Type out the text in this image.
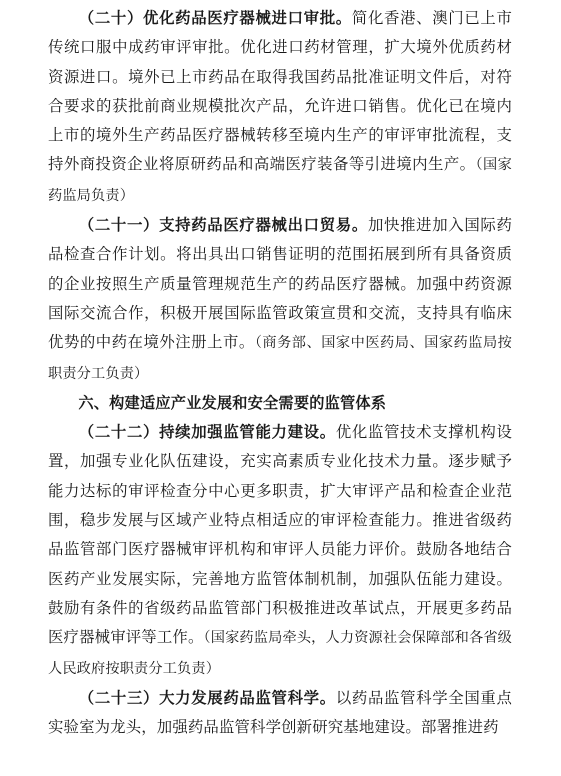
（二十）优化药品医疗器械进口审批。简化香港、澳门已上市传统口服中成药审评审批。优化进口药材管理，扩大境外优质药材资源进口。境外已上市药品在取得我国药品批准证明文件后，对符合要求的获批前商业规模批次产品，允许进口销售。优化已在境内上市的境外生产药品医疗器械转移至境内生产的审评审批流程，支持外商投资企业将原研药品和高端医疗装备等引进境内生产。（国家药监局负责）

（二十一）支持药品医疗器械出口贸易。加快推进加入国际药品检查合作计划。将出具出口销售证明的范围拓展到所有具备资质的企业按照生产质量管理规范生产的药品医疗器械。加强中药资源国际交流合作，积极开展国际监管政策宣贯和交流，支持具有临床优势的中药在境外注册上市。（商务部、国家中医药局、国家药监局按职责分工负责）

六、构建适应产业发展和安全需要的监管体系

（二十二）持续加强监管能力建设。优化监管技术支撑机构设置，加强专业化队伍建设，充实高素质专业化技术力量。逐步赋予能力达标的审评检查分中心更多职责，扩大审评产品和检查企业范围，稳步发展与区域产业特点相适应的审评检查能力。推进省级药品监管部门医疗器械审评机构和审评人员能力评价。鼓励各地结合医药产业发展实际，完善地方监管体制机制，加强队伍能力建设。鼓励有条件的省级药品监管部门积极推进改革试点，开展更多药品医疗器械审评等工作。（国家药监局牵头，人力资源社会保障部和各省级人民政府按职责分工负责）

（二十三）大力发展药品监管科学。以药品监管科学全国重点实验室为龙头，加强药品监管科学创新研究基地建设。部署推进药
